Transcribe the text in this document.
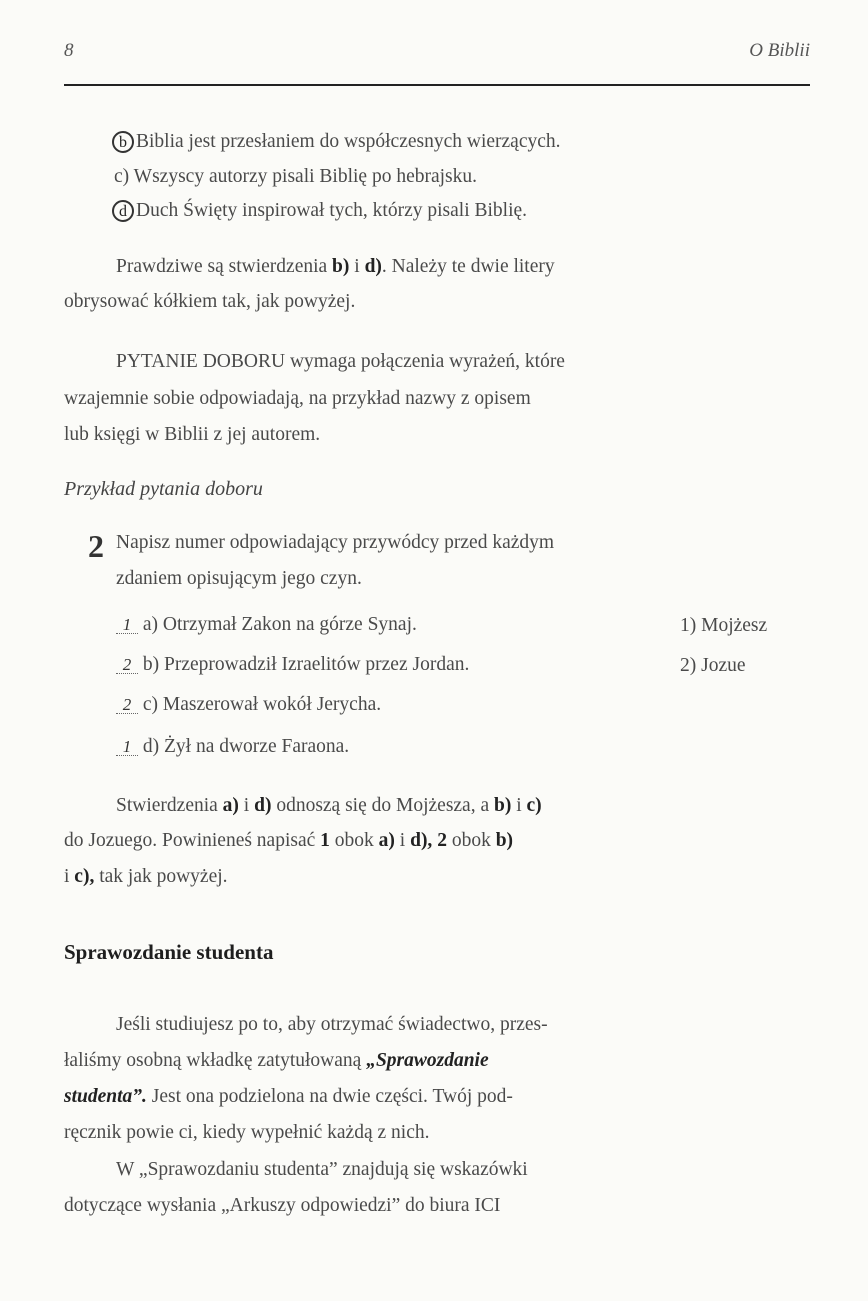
8	O Biblii
b Biblia jest przesłaniem do współczesnych wierzących.
c) Wszyscy autorzy pisali Biblię po hebrajsku.
d Duch Święty inspirował tych, którzy pisali Biblię.
Prawdziwe są stwierdzenia b) i d). Należy te dwie litery
obrysować kółkiem tak, jak powyżej.
PYTANIE DOBORU wymaga połączenia wyrażeń, które
wzajemnie sobie odpowiadają, na przykład nazwy z opisem
lub księgi w Biblii z jej autorem.
Przykład pytania doboru
2 Napisz numer odpowiadający przywódcy przed każdym
zdaniem opisującym jego czyn.
1 a) Otrzymał Zakon na górze Synaj.
2 b) Przeprowadził Izraelitów przez Jordan.
2 c) Maszerował wokół Jerycha.
1 d) Żył na dworze Faraona.
1) Mojżesz
2) Jozue
Stwierdzenia a) i d) odnoszą się do Mojżesza, a b) i c)
do Jozuego. Powinieneś napisać 1 obok a) i d), 2 obok b)
i c), tak jak powyżej.
Sprawozdanie studenta
Jeśli studiujesz po to, aby otrzymać świadectwo, przes-
łaliśmy osobną wkładkę zatytułowaną „Sprawozdanie
studenta”. Jest ona podzielona na dwie części. Twój pod-
ręcznik powie ci, kiedy wypełnić każdą z nich.
W „Sprawozdaniu studenta” znajdują się wskazówki
dotyczące wysłania „Arkuszy odpowiedzi” do biura ICI
